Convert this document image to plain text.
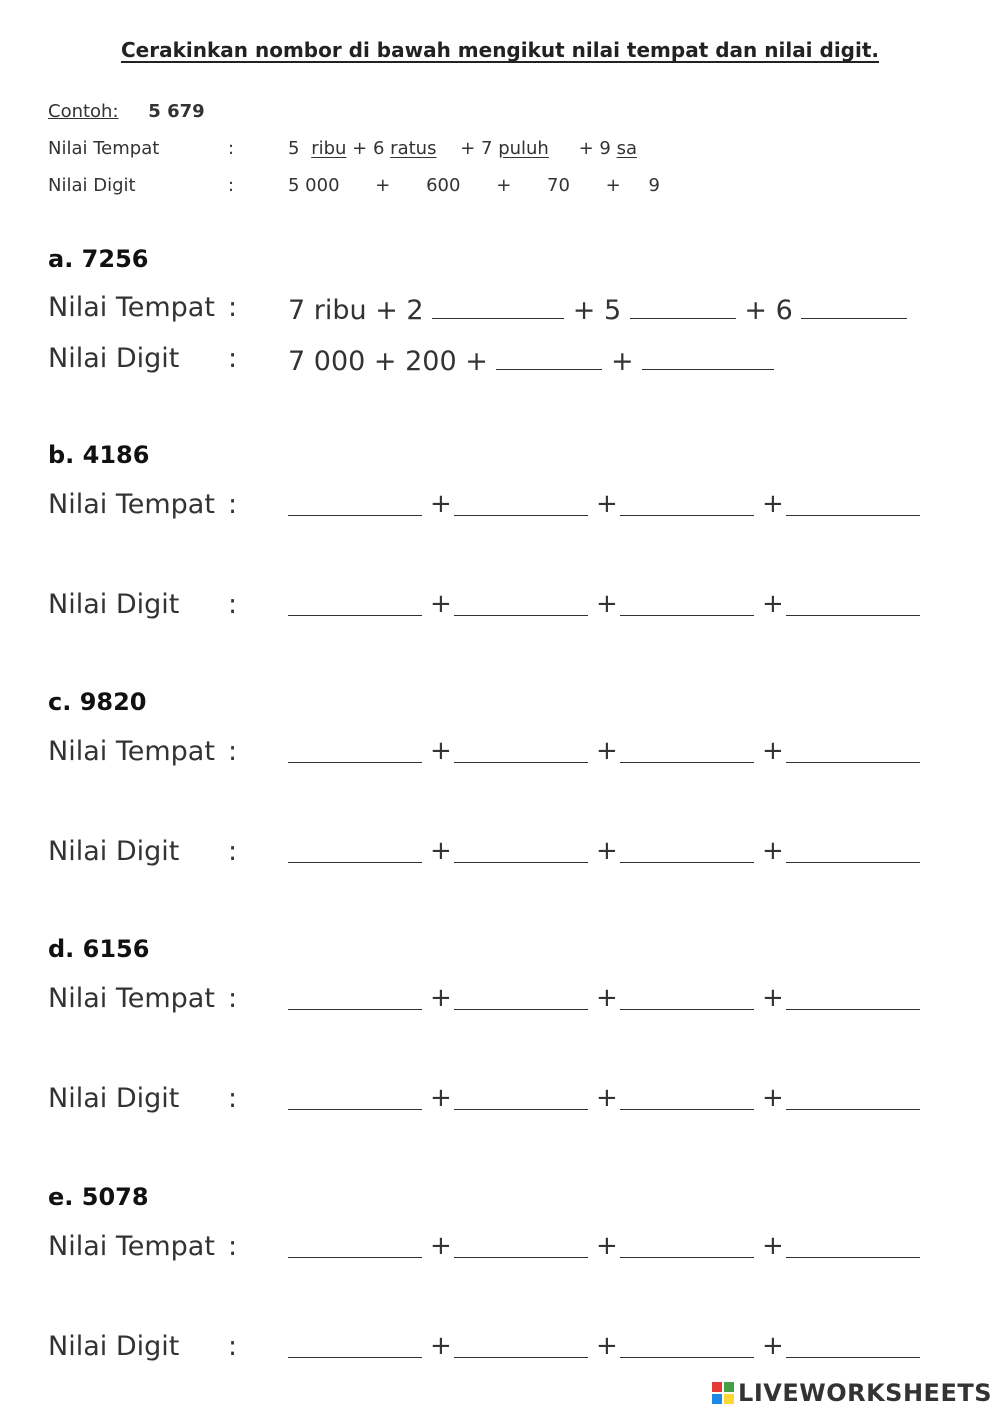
Cerakinkan nombor di bawah mengikut nilai tempat dan nilai digit.
Contoh: 5 679
Nilai Tempat	:	5 ribu + 6 ratus + 7 puluh + 9 sa
Nilai Digit	:	5 000 + 600 + 70 + 9
a. 7256
Nilai Tempat : 7 ribu + 2	+ 5	+ 6
Nilai Digit : 7 000 + 200 +	+
b. 4186
Nilai Tempat :	+	+	+
Nilai Digit :	+	+	+
c. 9820
Nilai Tempat :	+	+	+
Nilai Digit :	+	+	+
d. 6156
Nilai Tempat :	+	+	+
Nilai Digit :	+	+	+
e. 5078
Nilai Tempat :	+	+	+
Nilai Digit :	+	+	+
LIVEWORKSHEETS
